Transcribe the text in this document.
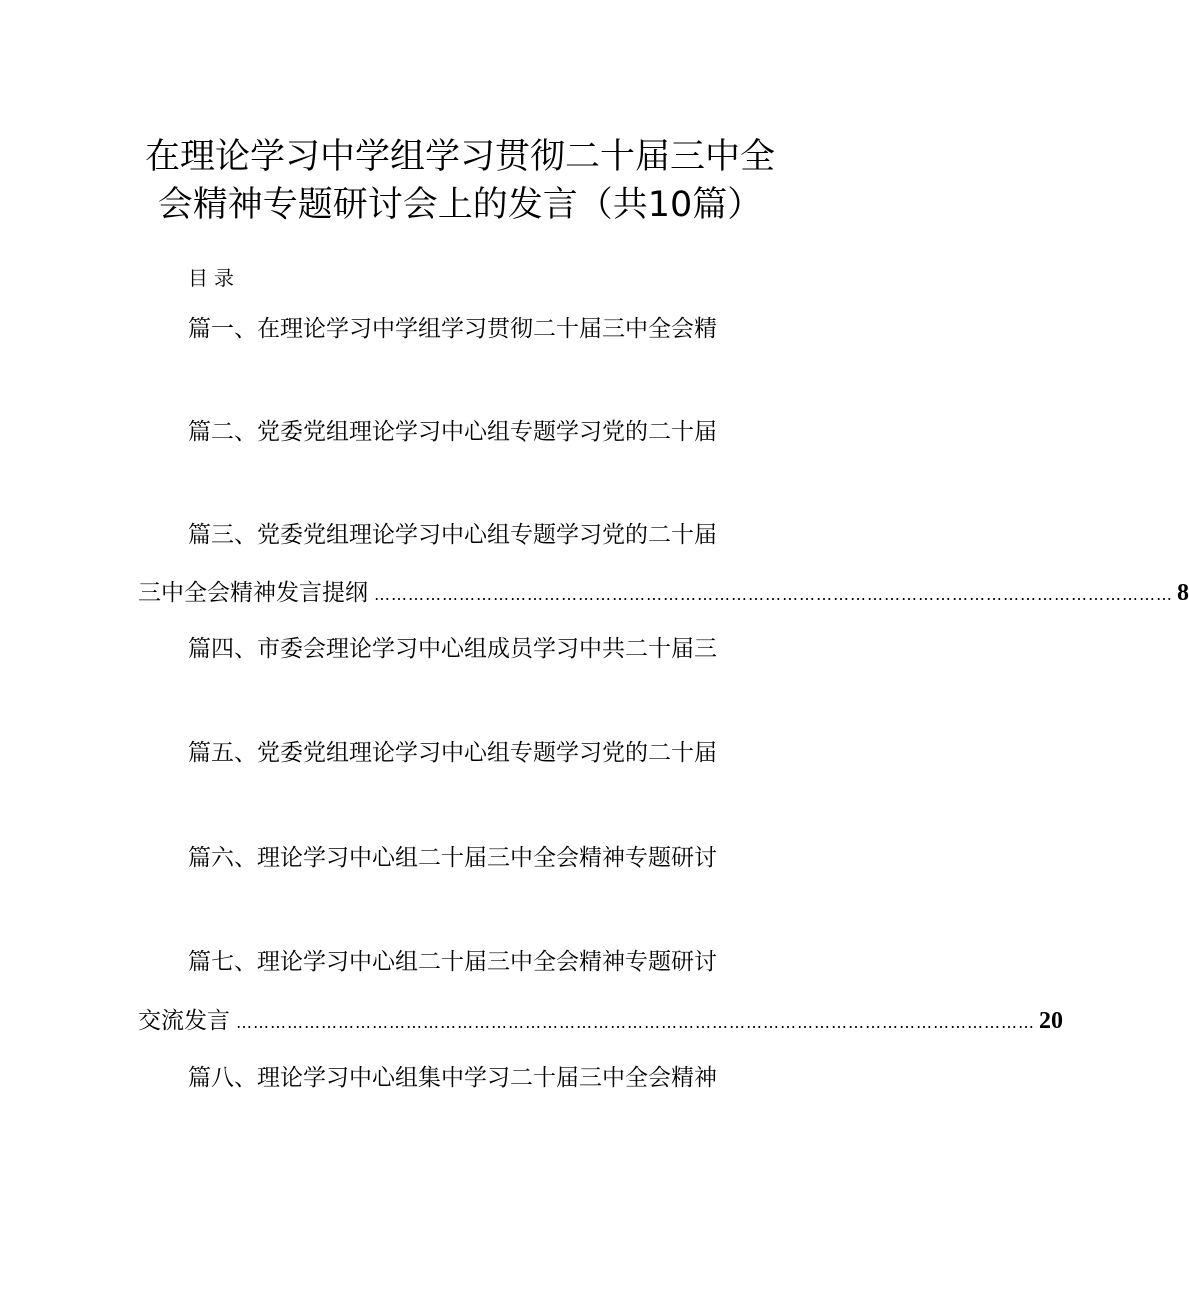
在理论学习中学组学习贯彻二十届三中全
会精神专题研讨会上的发言（共10篇）
目录
篇一、在理论学习中学组学习贯彻二十届三中全会精
篇二、党委党组理论学习中心组专题学习党的二十届
篇三、党委党组理论学习中心组专题学习党的二十届
三中全会精神发言提纲 …………………………………………………………………………………………………………………………… 8
篇四、市委会理论学习中心组成员学习中共二十届三
篇五、党委党组理论学习中心组专题学习党的二十届
篇六、理论学习中心组二十届三中全会精神专题研讨
篇七、理论学习中心组二十届三中全会精神专题研讨
交流发言 …………………………………………………………………………………………………………………………… 20
篇八、理论学习中心组集中学习二十届三中全会精神
